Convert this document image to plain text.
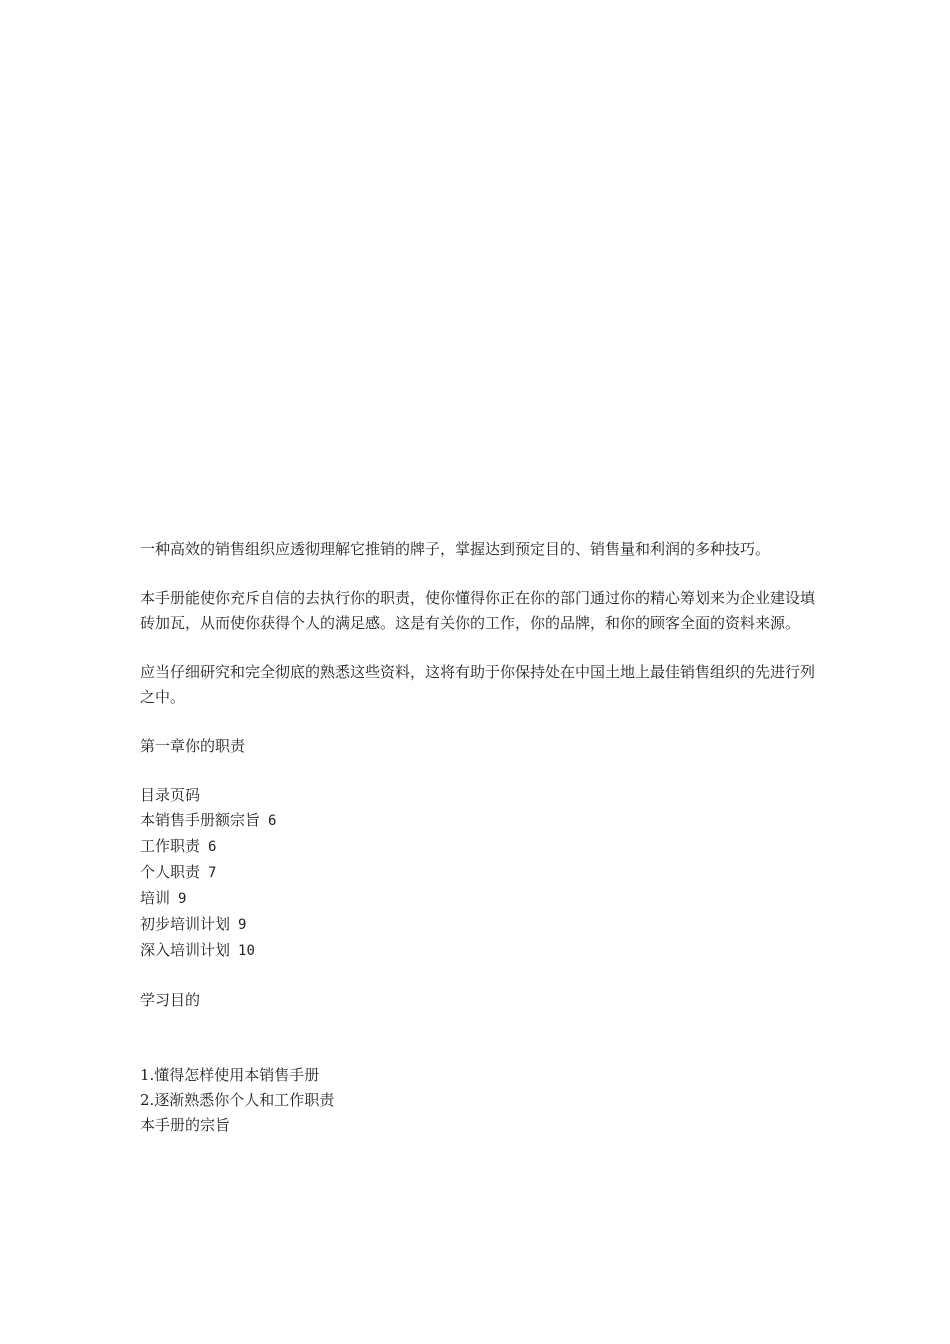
一种高效的销售组织应透彻理解它推销的牌子，掌握达到预定目的、销售量和利润的多种技巧。

本手册能使你充斥自信的去执行你的职责，使你懂得你正在你的部门通过你的精心筹划来为企业建设填砖加瓦，从而使你获得个人的满足感。这是有关你的工作，你的品牌，和你的顾客全面的资料来源。

应当仔细研究和完全彻底的熟悉这些资料，这将有助于你保持处在中国土地上最佳销售组织的先进行列之中。

第一章你的职责

目录页码

本销售手册额宗旨 6
工作职责 6
个人职责 7
培训 9
初步培训计划 9
深入培训计划 10

学习目的

1.懂得怎样使用本销售手册
2.逐渐熟悉你个人和工作职责

本手册的宗旨
